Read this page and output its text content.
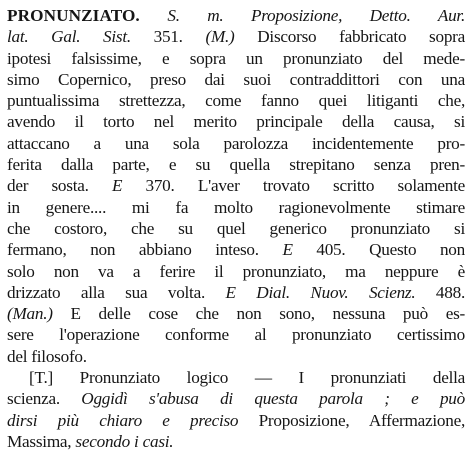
PRONUNZIATO. S. m. Proposizione, Detto. Aur.
lat. Gal. Sist. 351. (M.) Discorso fabbricato sopra
ipotesi falsissime, e sopra un pronunziato del mede-
simo Copernico, preso dai suoi contraddittori con una
puntualissima strettezza, come fanno quei litiganti che,
avendo il torto nel merito principale della causa, si
attaccano a una sola parolozza incidentemente pro-
ferita dalla parte, e su quella strepitano senza pren-
der sosta. E 370. L'aver trovato scritto solamente
in genere.... mi fa molto ragionevolmente stimare
che costoro, che su quel generico pronunziato si
fermano, non abbiano inteso. E 405. Questo non
solo non va a ferire il pronunziato, ma neppure è
drizzato alla sua volta. E Dial. Nuov. Scienz. 488.
(Man.) E delle cose che non sono, nessuna può es-
sere l'operazione conforme al pronunziato certissimo
del filosofo.
[T.] Pronunziato logico — I pronunziati della
scienza. Oggidì s'abusa di questa parola ; e può
dirsi più chiaro e preciso Proposizione, Affermazione,
Massima, secondo i casi.
